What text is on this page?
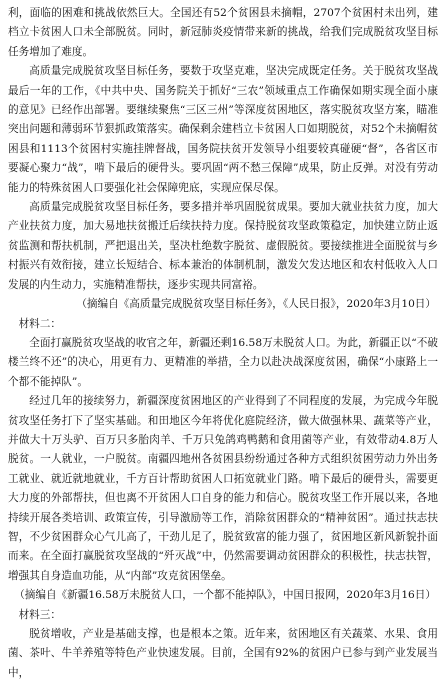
利，面临的困难和挑战依然巨大。全国还有52个贫困县未摘帽，2707个贫困村未出列，建档立卡贫困人口未全部脱贫。同时，新冠肺炎疫情带来新的挑战，给我们完成脱贫攻坚目标任务增加了难度。

高质量完成脱贫攻坚目标任务，要数于攻坚克难，坚决完成既定任务。关于脱贫攻坚战最后一年的工作，《中共中央、国务院关于抓好“三农”领域重点工作确保如期实现全面小康的意见》已经作出部署。要继续聚焦“三区三州”等深度贫困地区，落实脱贫攻坚方案，瞄准突出问题和薄弱环节狠抓政策落实。确保剩余建档立卡贫困人口如期脱贫，对52个未摘帽贫困县和1113个贫困村实施挂牌督战，国务院扶贫开发领导小组要较真碰硬“督”，各省区市要凝心聚力“战”，啃下最后的硬骨头。要巩固“两不愁三保障”成果，防止反弹。对没有劳动能力的特殊贫困人口要强化社会保障兜底，实现应保尽保。

高质量完成脱贫攻坚目标任务，要多措并举巩固脱贫成果。要加大就业扶贫力度，加大产业扶贫力度，加大易地扶贫搬迁后续扶持力度。保持脱贫攻坚政策稳定，加快建立防止返贫监测和帮扶机制，严把退出关，坚决杜绝数字脱贫、虚假脱贫。要接续推进全面脱贫与乡村振兴有效衔接，建立长短结合、标本兼治的体制机制，激发欠发达地区和农村低收入人口发展的内生动力，实施精准帮扶，逐步实现共同富裕。

（摘编自《高质量完成脱贫攻坚目标任务》，《人民日报》，2020年3月10日）

材料二：

全面打赢脱贫攻坚战的收官之年，新疆还剩16.58万未脱贫人口。为此，新疆正以“不破楼兰终不还”的决心，用更有力、更精准的举措，全力以赴决战深度贫困，确保“小康路上一个都不能掉队”。

经过几年的接续努力，新疆深度贫困地区的产业得到了不同程度的发展，为完成今年脱贫攻坚任务打下了坚实基础。和田地区今年将优化庭院经济，做大做强林果、蔬菜等产业，并做大十万头驴、百万只多胎肉羊、千万只兔鸽鸡鸭鹅和食用菌等产业，有效带动4.8万人脱贫。一人就业，一户脱贫。南疆四地州各贫困县纷纷通过各种方式组织贫困劳动力外出务工就业、就近就地就业，千方百计帮助贫困人口拓宽就业门路。啃下最后的硬骨头，需要更大力度的外部帮扶，但也离不开贫困人口自身的能力和信心。脱贫攻坚工作开展以来，各地持续开展各类培训、政策宣传，引导激励等工作，消除贫困群众的“精神贫困”。通过扶志扶智，不少贫困群众心气儿高了，干劲儿足了，脱贫致富的能力强了，贫困地区新风新貌扑面而来。在全面打赢脱贫攻坚战的“歼灭战”中，仍然需要调动贫困群众的积极性，扶志扶智，增强其自身造血功能，从“内部”攻克贫困堡垒。

（摘编自《新疆16.58万未脱贫人口，一个都不能掉队》，中国日报网，2020年3月16日）

材料三：

脱贫增收，产业是基础支撑，也是根本之策。近年来，贫困地区有关蔬菜、水果、食用菌、茶叶、牛羊养殖等特色产业快速发展。目前，全国有92%的贫困户已参与到产业发展当中，
